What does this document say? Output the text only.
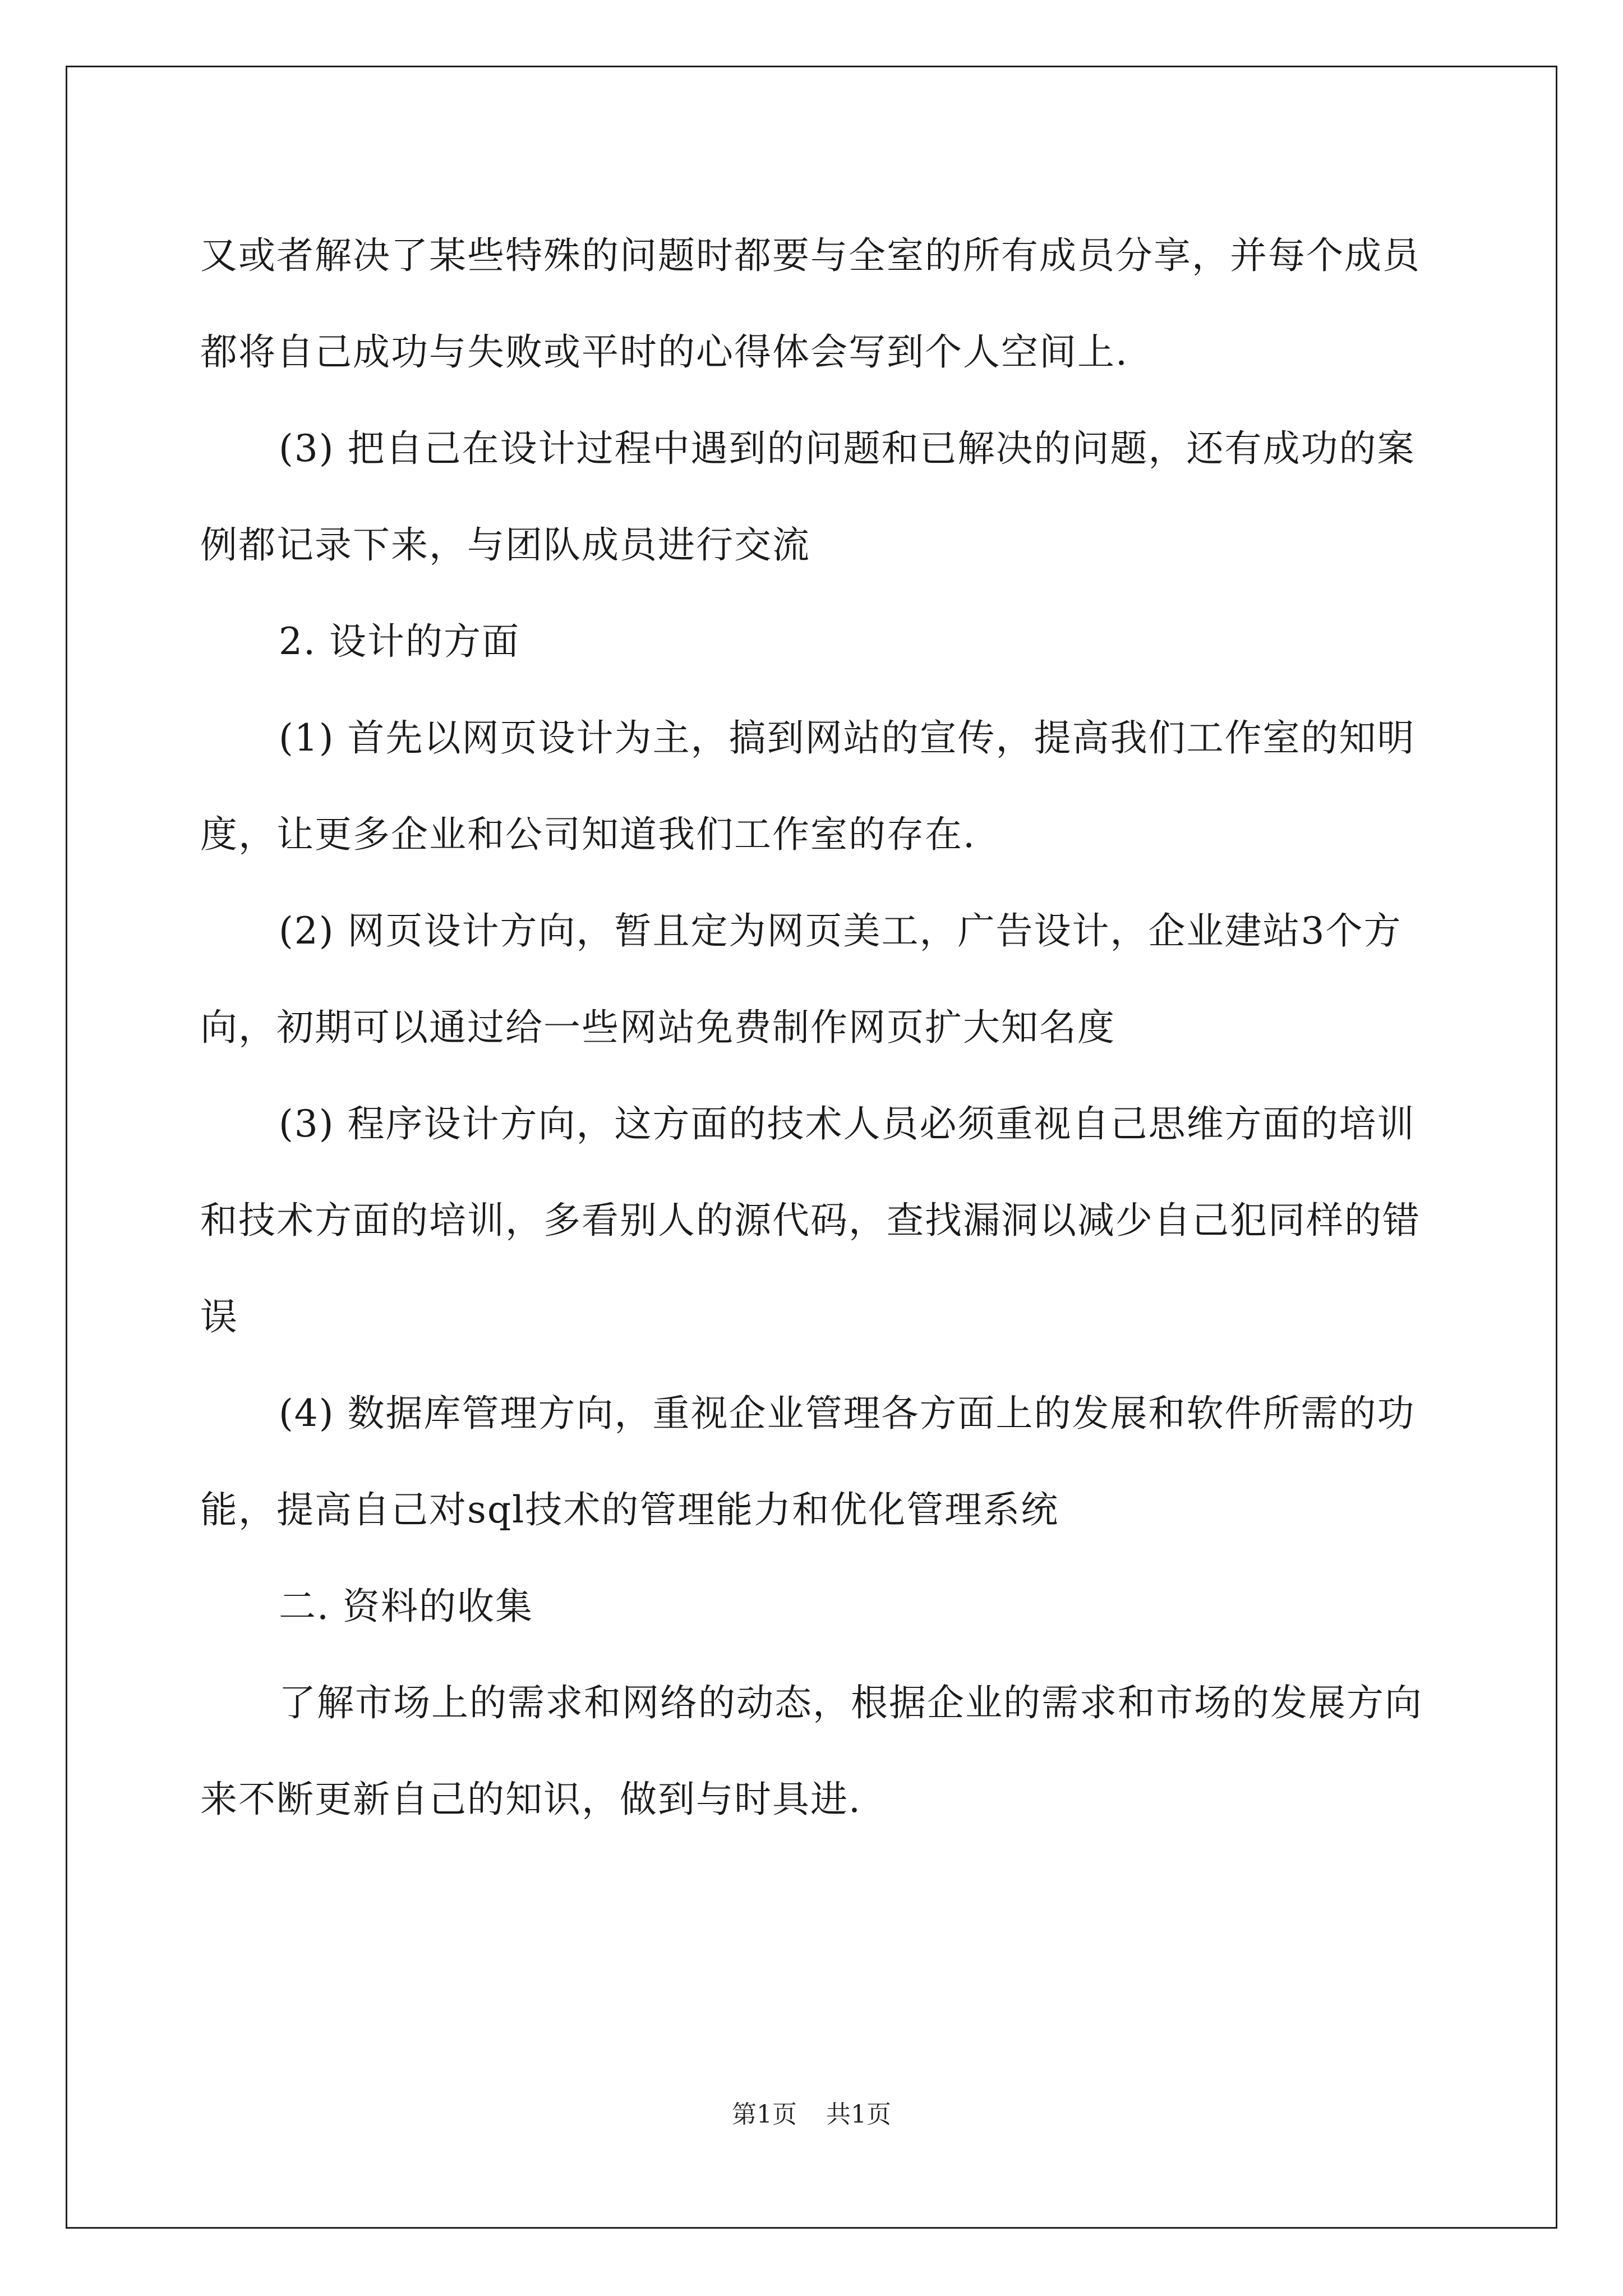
又或者解决了某些特殊的问题时都要与全室的所有成员分享，并每个成员都将自己成功与失败或平时的心得体会写到个人空间上.

(3) 把自己在设计过程中遇到的问题和已解决的问题，还有成功的案例都记录下来，与团队成员进行交流

2. 设计的方面

(1) 首先以网页设计为主，搞到网站的宣传，提高我们工作室的知明度，让更多企业和公司知道我们工作室的存在.

(2) 网页设计方向，暂且定为网页美工，广告设计，企业建站3个方向，初期可以通过给一些网站免费制作网页扩大知名度

(3) 程序设计方向，这方面的技术人员必须重视自己思维方面的培训和技术方面的培训，多看别人的源代码，查找漏洞以减少自己犯同样的错误

(4) 数据库管理方向，重视企业管理各方面上的发展和软件所需的功能，提高自己对sql技术的管理能力和优化管理系统

二. 资料的收集

了解市场上的需求和网络的动态，根据企业的需求和市场的发展方向来不断更新自己的知识，做到与时具进.

第1页 共1页
